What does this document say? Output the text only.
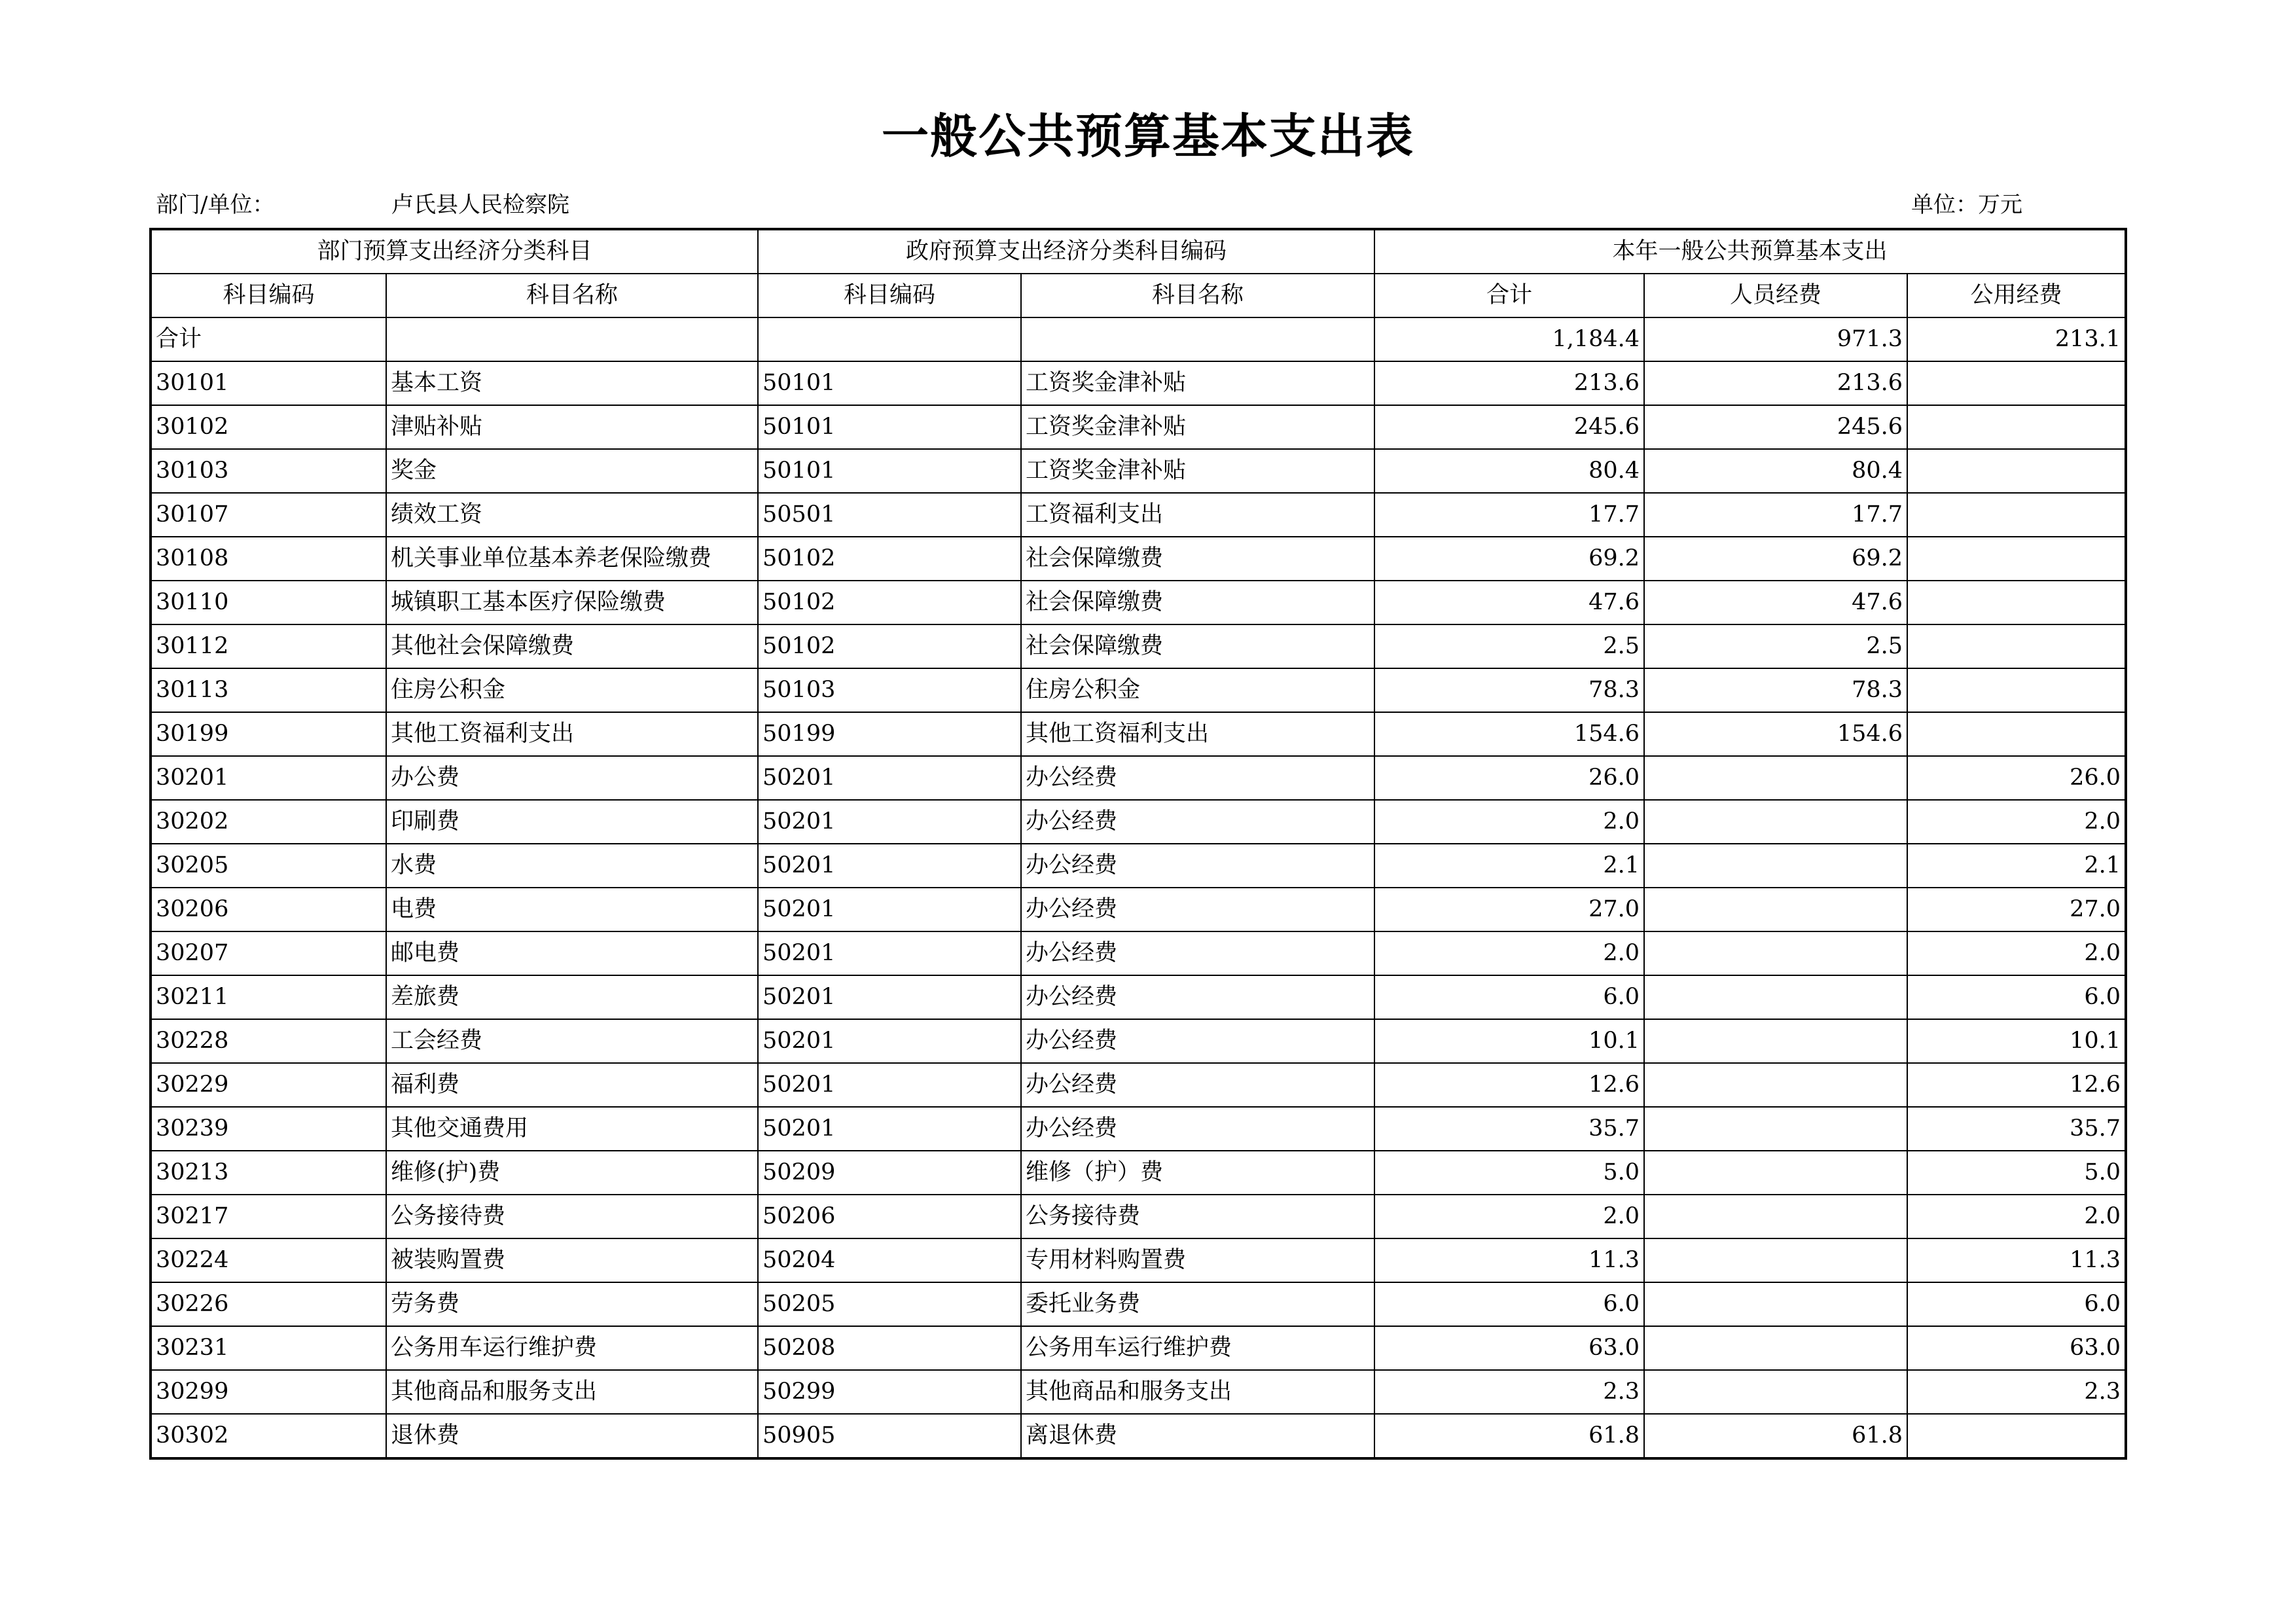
一般公共预算基本支出表
部门/单位：	卢氏县人民检察院	单位：万元
部门预算支出经济分类科目		政府预算支出经济分类科目编码		本年一般公共预算基本支出		
科目编码	科目名称	科目编码	科目名称	合计	人员经费	公用经费
合计				1,184.4	971.3	213.1
30101	基本工资	50101	工资奖金津补贴	213.6	213.6	
30102	津贴补贴	50101	工资奖金津补贴	245.6	245.6	
30103	奖金	50101	工资奖金津补贴	80.4	80.4	
30107	绩效工资	50501	工资福利支出	17.7	17.7	
30108	机关事业单位基本养老保险缴费	50102	社会保障缴费	69.2	69.2	
30110	城镇职工基本医疗保险缴费	50102	社会保障缴费	47.6	47.6	
30112	其他社会保障缴费	50102	社会保障缴费	2.5	2.5	
30113	住房公积金	50103	住房公积金	78.3	78.3	
30199	其他工资福利支出	50199	其他工资福利支出	154.6	154.6	
30201	办公费	50201	办公经费	26.0		26.0
30202	印刷费	50201	办公经费	2.0		2.0
30205	水费	50201	办公经费	2.1		2.1
30206	电费	50201	办公经费	27.0		27.0
30207	邮电费	50201	办公经费	2.0		2.0
30211	差旅费	50201	办公经费	6.0		6.0
30228	工会经费	50201	办公经费	10.1		10.1
30229	福利费	50201	办公经费	12.6		12.6
30239	其他交通费用	50201	办公经费	35.7		35.7
30213	维修(护)费	50209	维修（护）费	5.0		5.0
30217	公务接待费	50206	公务接待费	2.0		2.0
30224	被装购置费	50204	专用材料购置费	11.3		11.3
30226	劳务费	50205	委托业务费	6.0		6.0
30231	公务用车运行维护费	50208	公务用车运行维护费	63.0		63.0
30299	其他商品和服务支出	50299	其他商品和服务支出	2.3		2.3
30302	退休费	50905	离退休费	61.8	61.8	
